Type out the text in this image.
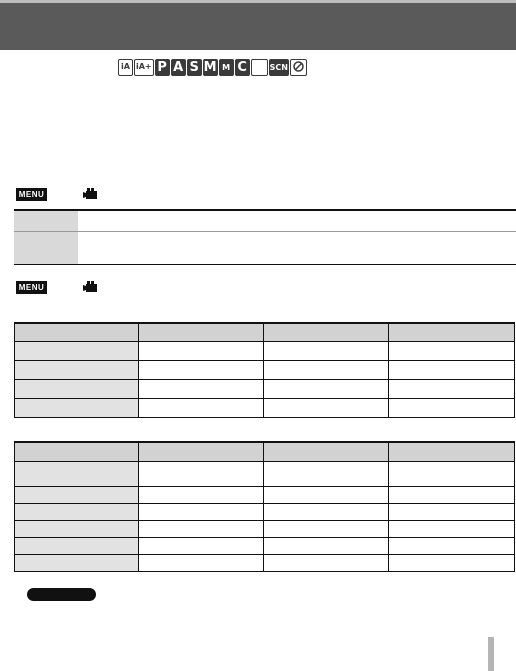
iA iA+ P A S M M C	SCN
MENU
MENU
